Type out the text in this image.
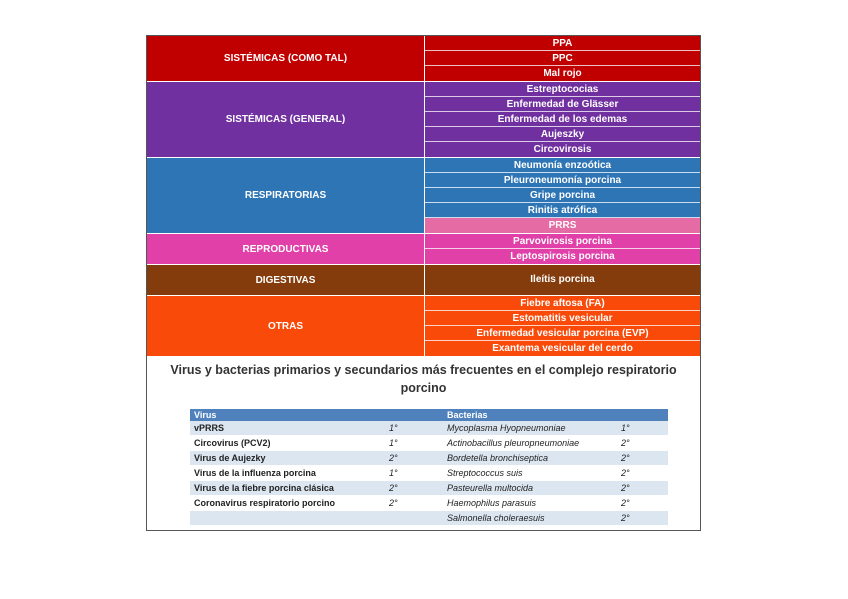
SISTÉMICAS (COMO TAL)
PPA
PPC
Mal rojo
SISTÉMICAS (GENERAL)
Estreptococias
Enfermedad de Glässer
Enfermedad de los edemas
Aujeszky
Circovirosis
RESPIRATORIAS
Neumonía enzoótica
Pleuroneumonía porcina
Gripe porcina
Rinitis atrófica
PRRS
REPRODUCTIVAS
Parvovirosis porcina
Leptospirosis porcina
DIGESTIVAS	Ileítis porcina
OTRAS
Fiebre aftosa (FA)
Estomatitis vesicular
Enfermedad vesicular porcina (EVP)
Exantema vesicular del cerdo
Virus y bacterias primarios y secundarios más frecuentes en el complejo respiratorio porcino
Virus		Bacterias	
vPRRS	1°	Mycoplasma Hyopneumoniae	1°
Circovirus (PCV2)	1°	Actinobacillus pleuropneumoniae	2°
Virus de Aujezky	2°	Bordetella bronchiseptica	2°
Virus de la influenza porcina	1°	Streptococcus suis	2°
Virus de la fiebre porcina clásica	2°	Pasteurella multocida	2°
Coronavirus respiratorio porcino	2°	Haemophilus parasuis	2°
		Salmonella choleraesuis	2°
